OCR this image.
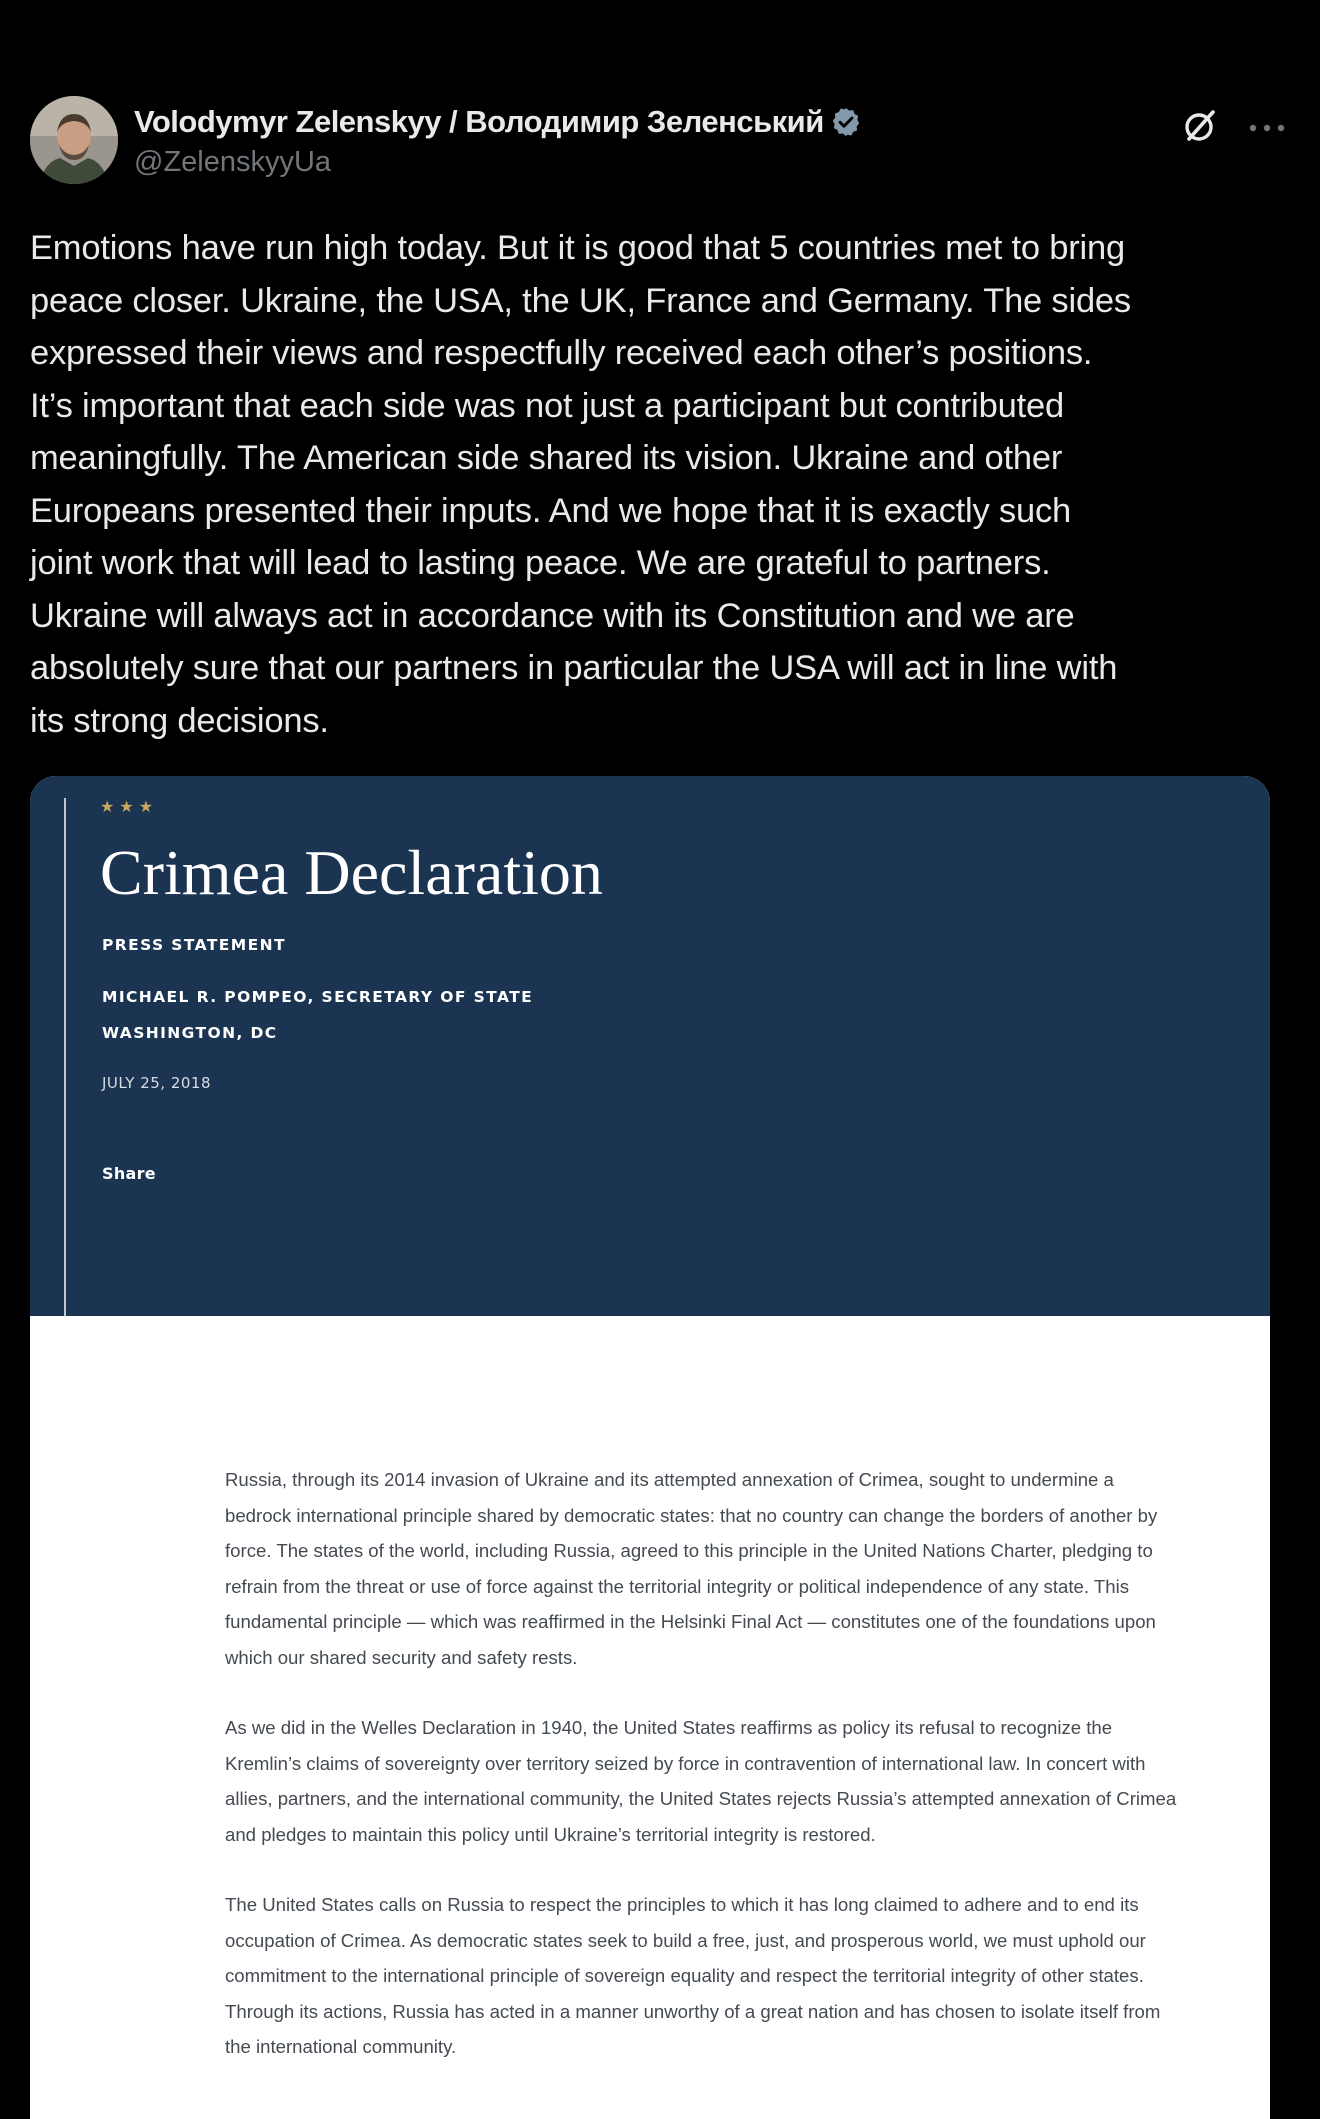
Volodymyr Zelenskyy / Володимир Зеленський
@ZelenskyyUa
Emotions have run high today. But it is good that 5 countries met to bring
peace closer. Ukraine, the USA, the UK, France and Germany. The sides
expressed their views and respectfully received each other’s positions.
It’s important that each side was not just a participant but contributed
meaningfully. The American side shared its vision. Ukraine and other
Europeans presented their inputs. And we hope that it is exactly such
joint work that will lead to lasting peace. We are grateful to partners.
Ukraine will always act in accordance with its Constitution and we are
absolutely sure that our partners in particular the USA will act in line with
its strong decisions.
★★★
Crimea Declaration
PRESS STATEMENT
MICHAEL R. POMPEO, SECRETARY OF STATE
WASHINGTON, DC
JULY 25, 2018
Share

Russia, through its 2014 invasion of Ukraine and its attempted annexation of Crimea, sought to undermine a bedrock international principle shared by democratic states: that no country can change the borders of another by force. The states of the world, including Russia, agreed to this principle in the United Nations Charter, pledging to refrain from the threat or use of force against the territorial integrity or political independence of any state. This fundamental principle — which was reaffirmed in the Helsinki Final Act — constitutes one of the foundations upon which our shared security and safety rests.

As we did in the Welles Declaration in 1940, the United States reaffirms as policy its refusal to recognize the Kremlin’s claims of sovereignty over territory seized by force in contravention of international law. In concert with allies, partners, and the international community, the United States rejects Russia’s attempted annexation of Crimea and pledges to maintain this policy until Ukraine’s territorial integrity is restored.

The United States calls on Russia to respect the principles to which it has long claimed to adhere and to end its occupation of Crimea. As democratic states seek to build a free, just, and prosperous world, we must uphold our commitment to the international principle of sovereign equality and respect the territorial integrity of other states. Through its actions, Russia has acted in a manner unworthy of a great nation and has chosen to isolate itself from the international community.
